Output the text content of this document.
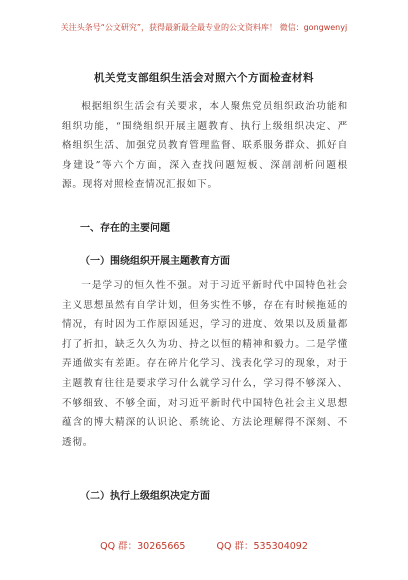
关注头条号“公文研究”，获得最新最全最专业的公文资料库！ 微信：gongwenyj
机关党支部组织生活会对照六个方面检查材料
根据组织生活会有关要求，本人聚焦党员组织政治功能和组织功能，“围绕组织开展主题教育、执行上级组织决定、严格组织生活、加强党员教育管理监督、联系服务群众、抓好自身建设”等六个方面，深入查找问题短板、深剖剖析问题根源。现将对照检查情况汇报如下。
一、存在的主要问题
（一）围绕组织开展主题教育方面
一是学习的恒久性不强。对于习近平新时代中国特色社会主义思想虽然有自学计划，但务实性不够，存在有时候拖延的情况，有时因为工作原因延迟，学习的进度、效果以及质量都打了折扣，缺乏久久为功、持之以恒的精神和毅力。二是学懂弄通做实有差距。存在碎片化学习、浅表化学习的现象，对于主题教育往往是要求学习什么就学习什么，学习得不够深入、不够细致、不够全面，对习近平新时代中国特色社会主义思想蕴含的博大精深的认识论、系统论、方法论理解得不深刻、不透彻。
（二）执行上级组织决定方面
QQ 群：30265665	QQ 群：535304092
